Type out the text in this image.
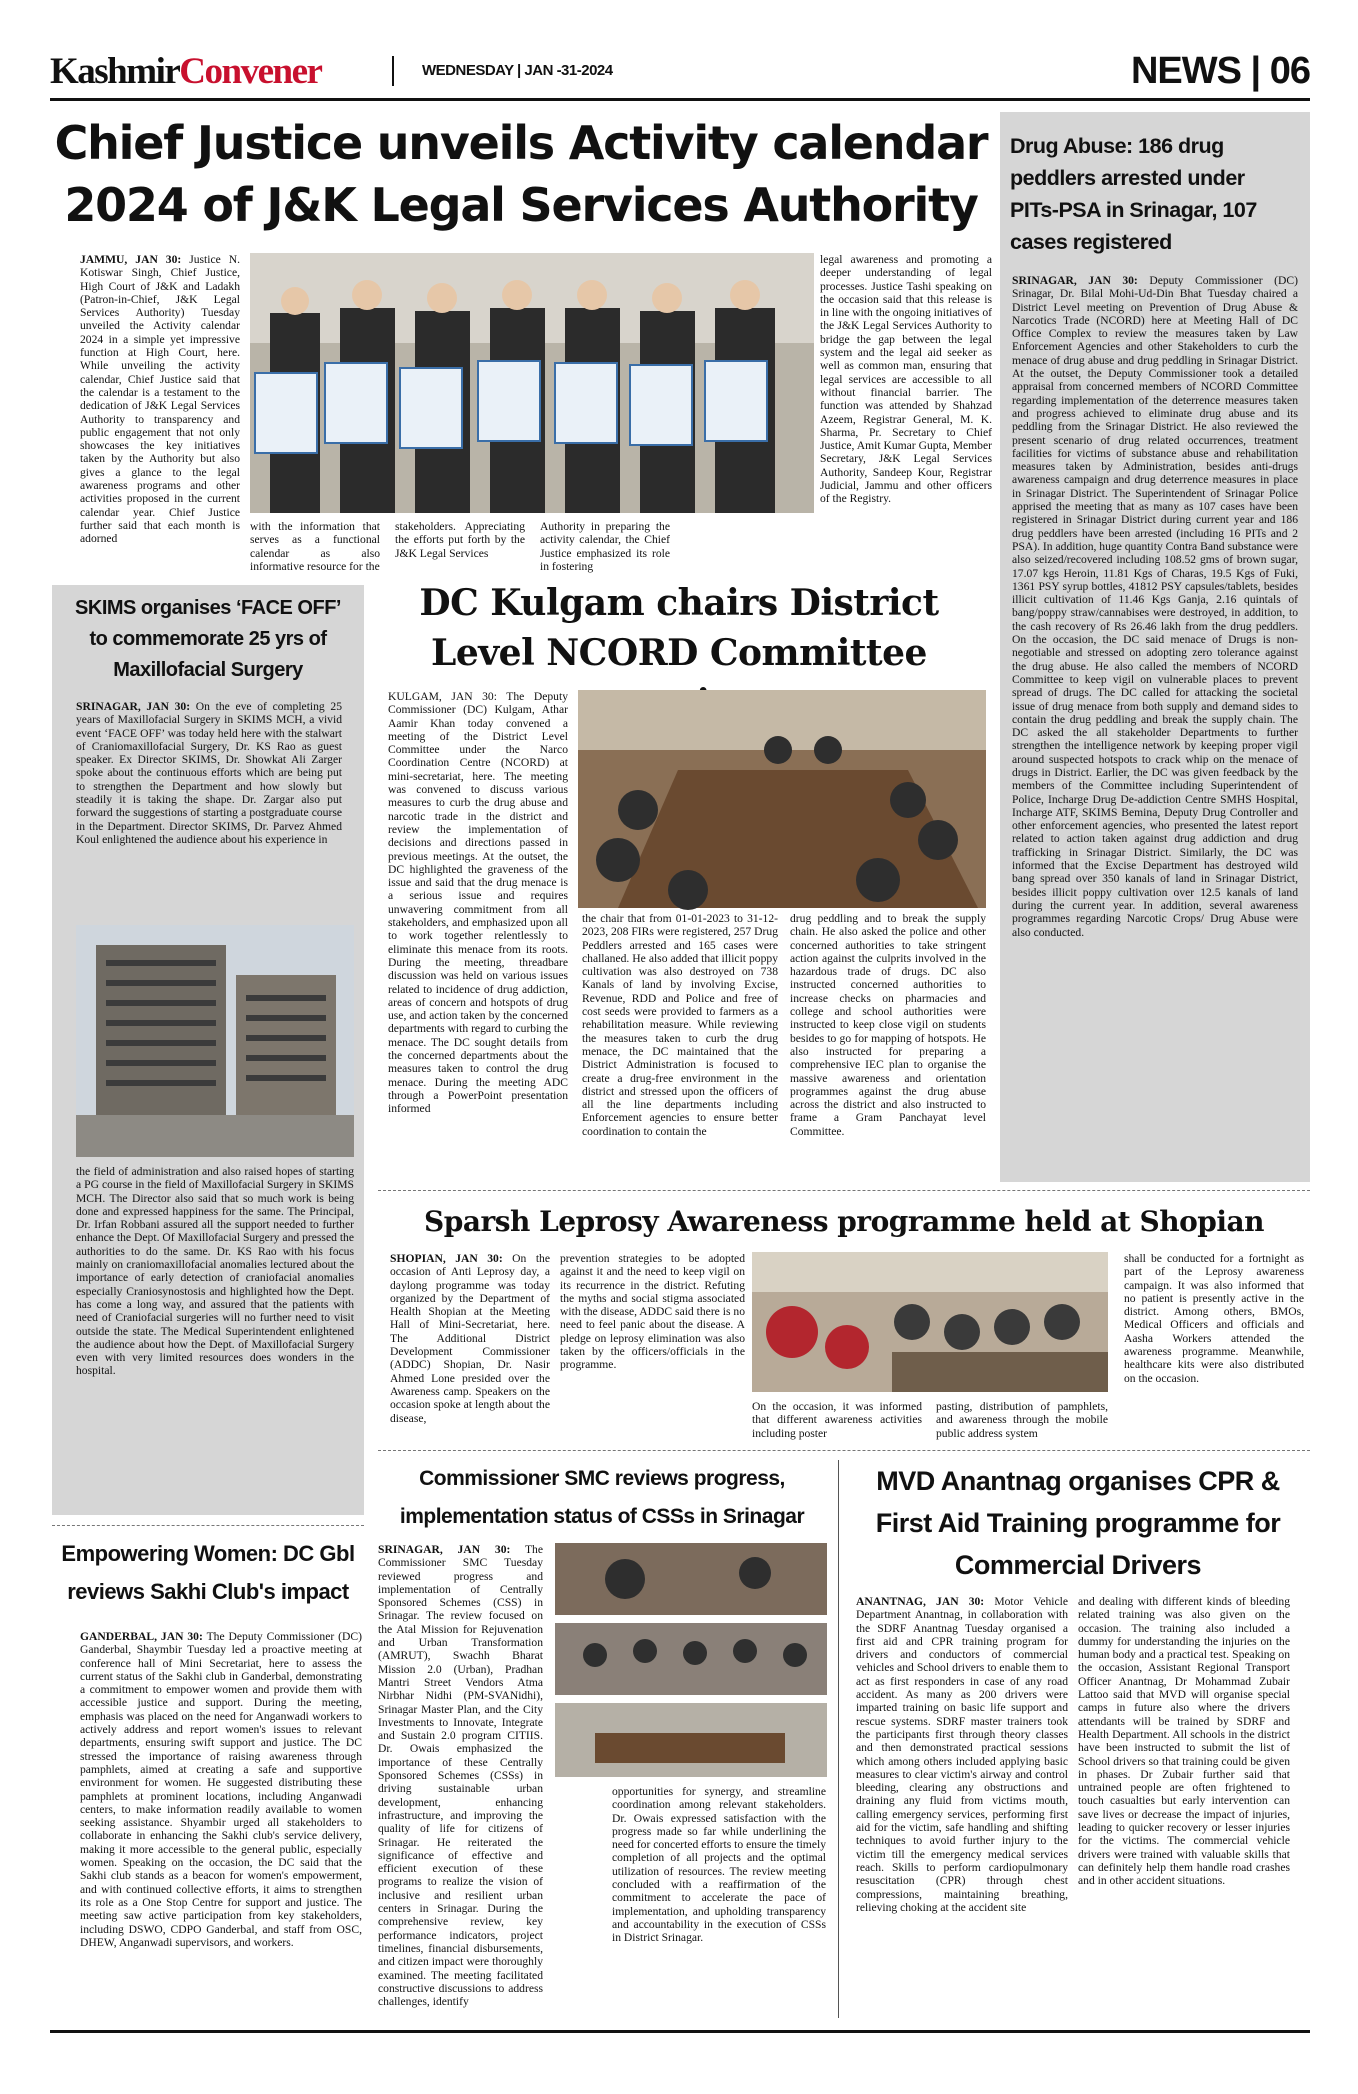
KashmirConvener	WEDNESDAY | JAN -31-2024	NEWS | 06
Chief Justice unveils Activity calendar 2024 of J&K Legal Services Authority
JAMMU, JAN 30: Justice N. Kotiswar Singh, Chief Justice, High Court of J&K and Ladakh (Patron-in-Chief, J&K Legal Services Authority) Tuesday unveiled the Activity calendar 2024 in a simple yet impressive function at High Court, here. While unveiling the activity calendar, Chief Justice said that the calendar is a testament to the dedication of J&K Legal Services Authority to transparency and public engagement that not only showcases the key initiatives taken by the Authority but also gives a glance to the legal awareness programs and other activities proposed in the current calendar year. Chief Justice further said that each month is adorned
with the information that serves as a functional calendar as also informative resource for the
stakeholders. Appreciating the efforts put forth by the J&K Legal Services
Authority in preparing the activity calendar, the Chief Justice emphasized its role in fostering
legal awareness and promoting a deeper understanding of legal processes. Justice Tashi speaking on the occasion said that this release is in line with the ongoing initiatives of the J&K Legal Services Authority to bridge the gap between the legal system and the legal aid seeker as well as common man, ensuring that legal services are accessible to all without financial barrier. The function was attended by Shahzad Azeem, Registrar General, M. K. Sharma, Pr. Secretary to Chief Justice, Amit Kumar Gupta, Member Secretary, J&K Legal Services Authority, Sandeep Kour, Registrar Judicial, Jammu and other officers of the Registry.
Drug Abuse: 186 drug peddlers arrested under PITs-PSA in Srinagar, 107 cases registered
SRINAGAR, JAN 30: Deputy Commissioner (DC) Srinagar, Dr. Bilal Mohi-Ud-Din Bhat Tuesday chaired a District Level meeting on Prevention of Drug Abuse & Narcotics Trade (NCORD) here at Meeting Hall of DC Office Complex to review the measures taken by Law Enforcement Agencies and other Stakeholders to curb the menace of drug abuse and drug peddling in Srinagar District. At the outset, the Deputy Commissioner took a detailed appraisal from concerned members of NCORD Committee regarding implementation of the deterrence measures taken and progress achieved to eliminate drug abuse and its peddling from the Srinagar District. He also reviewed the present scenario of drug related occurrences, treatment facilities for victims of substance abuse and rehabilitation measures taken by Administration, besides anti-drugs awareness campaign and drug deterrence measures in place in Srinagar District. The Superintendent of Srinagar Police apprised the meeting that as many as 107 cases have been registered in Srinagar District during current year and 186 drug peddlers have been arrested (including 16 PITs and 2 PSA). In addition, huge quantity Contra Band substance were also seized/recovered including 108.52 gms of brown sugar, 17.07 kgs Heroin, 11.81 Kgs of Charas, 19.5 Kgs of Fuki, 1361 PSY syrup bottles, 41812 PSY capsules/tablets, besides illicit cultivation of 11.46 Kgs Ganja, 2.16 quintals of bang/poppy straw/cannabises were destroyed, in addition, to the cash recovery of Rs 26.46 lakh from the drug peddlers. On the occasion, the DC said menace of Drugs is non-negotiable and stressed on adopting zero tolerance against the drug abuse. He also called the members of NCORD Committee to keep vigil on vulnerable places to prevent spread of drugs. The DC called for attacking the societal issue of drug menace from both supply and demand sides to contain the drug peddling and break the supply chain. The DC asked the all stakeholder Departments to further strengthen the intelligence network by keeping proper vigil around suspected hotspots to crack whip on the menace of drugs in District. Earlier, the DC was given feedback by the members of the Committee including Superintendent of Police, Incharge Drug De-addiction Centre SMHS Hospital, Incharge ATF, SKIMS Bemina, Deputy Drug Controller and other enforcement agencies, who presented the latest report related to action taken against drug addiction and drug trafficking in Srinagar District. Similarly, the DC was informed that the Excise Department has destroyed wild bang spread over 350 kanals of land in Srinagar District, besides illicit poppy cultivation over 12.5 kanals of land during the current year. In addition, several awareness programmes regarding Narcotic Crops/ Drug Abuse were also conducted.
SKIMS organises ‘FACE OFF’ to commemorate 25 yrs of Maxillofacial Surgery
SRINAGAR, JAN 30: On the eve of completing 25 years of Maxillofacial Surgery in SKIMS MCH, a vivid event ‘FACE OFF’ was today held here with the stalwart of Craniomaxillofacial Surgery, Dr. KS Rao as guest speaker. Ex Director SKIMS, Dr. Showkat Ali Zarger spoke about the continuous efforts which are being put to strengthen the Department and how slowly but steadily it is taking the shape. Dr. Zargar also put forward the suggestions of starting a postgraduate course in the Department. Director SKIMS, Dr. Parvez Ahmed Koul enlightened the audience about his experience in
the field of administration and also raised hopes of starting a PG course in the field of Maxillofacial Surgery in SKIMS MCH. The Director also said that so much work is being done and expressed happiness for the same. The Principal, Dr. Irfan Robbani assured all the support needed to further enhance the Dept. Of Maxillofacial Surgery and pressed the authorities to do the same. Dr. KS Rao with his focus mainly on craniomaxillofacial anomalies lectured about the importance of early detection of craniofacial anomalies especially Craniosynostosis and highlighted how the Dept. has come a long way, and assured that the patients with need of Craniofacial surgeries will no further need to visit outside the state. The Medical Superintendent enlightened the audience about how the Dept. of Maxillofacial Surgery even with very limited resources does wonders in the hospital.
DC Kulgam chairs District Level NCORD Committee
KULGAM, JAN 30: The Deputy Commissioner (DC) Kulgam, Athar Aamir Khan today convened a meeting of the District Level Committee under the Narco Coordination Centre (NCORD) at mini-secretariat, here. The meeting was convened to discuss various measures to curb the drug abuse and narcotic trade in the district and review the implementation of decisions and directions passed in previous meetings. At the outset, the DC highlighted the graveness of the issue and said that the drug menace is a serious issue and requires unwavering commitment from all stakeholders, and emphasized upon all to work together relentlessly to eliminate this menace from its roots. During the meeting, threadbare discussion was held on various issues related to incidence of drug addiction, areas of concern and hotspots of drug use, and action taken by the concerned departments with regard to curbing the menace. The DC sought details from the concerned departments about the measures taken to control the drug menace. During the meeting ADC through a PowerPoint presentation informed
the chair that from 01-01-2023 to 31-12-2023, 208 FIRs were registered, 257 Drug Peddlers arrested and 165 cases were challaned. He also added that illicit poppy cultivation was also destroyed on 738 Kanals of land by involving Excise, Revenue, RDD and Police and free of cost seeds were provided to farmers as a rehabilitation measure. While reviewing the measures taken to curb the drug menace, the DC maintained that the District Administration is focused to create a drug-free environment in the district and stressed upon the officers of all the line departments including Enforcement agencies to ensure better coordination to contain the
drug peddling and to break the supply chain. He also asked the police and other concerned authorities to take stringent action against the culprits involved in the hazardous trade of drugs. DC also instructed concerned authorities to increase checks on pharmacies and college and school authorities were instructed to keep close vigil on students besides to go for mapping of hotspots. He also instructed for preparing a comprehensive IEC plan to organise the massive awareness and orientation programmes against the drug abuse across the district and also instructed to frame a Gram Panchayat level Committee.
Sparsh Leprosy Awareness programme held at Shopian
SHOPIAN, JAN 30: On the occasion of Anti Leprosy day, a daylong programme was today organized by the Department of Health Shopian at the Meeting Hall of Mini-Secretariat, here. The Additional District Development Commissioner (ADDC) Shopian, Dr. Nasir Ahmed Lone presided over the Awareness camp. Speakers on the occasion spoke at length about the disease,
prevention strategies to be adopted against it and the need to keep vigil on its recurrence in the district. Refuting the myths and social stigma associated with the disease, ADDC said there is no need to feel panic about the disease. A pledge on leprosy elimination was also taken by the officers/officials in the programme.
On the occasion, it was informed that different awareness activities including poster
pasting, distribution of pamphlets, and awareness through the mobile public address system
shall be conducted for a fortnight as part of the Leprosy awareness campaign. It was also informed that no patient is presently active in the district. Among others, BMOs, Medical Officers and officials and Aasha Workers attended the awareness programme. Meanwhile, healthcare kits were also distributed on the occasion.
Empowering Women: DC Gbl reviews Sakhi Club's impact
GANDERBAL, JAN 30: The Deputy Commissioner (DC) Ganderbal, Shaymbir Tuesday led a proactive meeting at conference hall of Mini Secretariat, here to assess the current status of the Sakhi club in Ganderbal, demonstrating a commitment to empower women and provide them with accessible justice and support. During the meeting, emphasis was placed on the need for Anganwadi workers to actively address and report women's issues to relevant departments, ensuring swift support and justice. The DC stressed the importance of raising awareness through pamphlets, aimed at creating a safe and supportive environment for women. He suggested distributing these pamphlets at prominent locations, including Anganwadi centers, to make information readily available to women seeking assistance. Shyambir urged all stakeholders to collaborate in enhancing the Sakhi club's service delivery, making it more accessible to the general public, especially women. Speaking on the occasion, the DC said that the Sakhi club stands as a beacon for women's empowerment, and with continued collective efforts, it aims to strengthen its role as a One Stop Centre for support and justice. The meeting saw active participation from key stakeholders, including DSWO, CDPO Ganderbal, and staff from OSC, DHEW, Anganwadi supervisors, and workers.
Commissioner SMC reviews progress, implementation status of CSSs in Srinagar
SRINAGAR, JAN 30: The Commissioner SMC Tuesday reviewed progress and implementation of Centrally Sponsored Schemes (CSS) in Srinagar. The review focused on the Atal Mission for Rejuvenation and Urban Transformation (AMRUT), Swachh Bharat Mission 2.0 (Urban), Pradhan Mantri Street Vendors Atma Nirbhar Nidhi (PM-SVANidhi), Srinagar Master Plan, and the City Investments to Innovate, Integrate and Sustain 2.0 program CITIIS. Dr. Owais emphasized the importance of these Centrally Sponsored Schemes (CSSs) in driving sustainable urban development, enhancing infrastructure, and improving the quality of life for citizens of Srinagar. He reiterated the significance of effective and efficient execution of these programs to realize the vision of inclusive and resilient urban centers in Srinagar. During the comprehensive review, key performance indicators, project timelines, financial disbursements, and citizen impact were thoroughly examined. The meeting facilitated constructive discussions to address challenges, identify
opportunities for synergy, and streamline coordination among relevant stakeholders. Dr. Owais expressed satisfaction with the progress made so far while underlining the need for concerted efforts to ensure the timely completion of all projects and the optimal utilization of resources. The review meeting concluded with a reaffirmation of the commitment to accelerate the pace of implementation, and upholding transparency and accountability in the execution of CSSs in District Srinagar.
MVD Anantnag organises CPR & First Aid Training programme for Commercial Drivers
ANANTNAG, JAN 30: Motor Vehicle Department Anantnag, in collaboration with the SDRF Anantnag Tuesday organised a first aid and CPR training program for drivers and conductors of commercial vehicles and School drivers to enable them to act as first responders in case of any road accident. As many as 200 drivers were imparted training on basic life support and rescue systems. SDRF master trainers took the participants first through theory classes and then demonstrated practical sessions which among others included applying basic measures to clear victim's airway and control bleeding, clearing any obstructions and draining any fluid from victims mouth, calling emergency services, performing first aid for the victim, safe handling and shifting techniques to avoid further injury to the victim till the emergency medical services reach. Skills to perform cardiopulmonary resuscitation (CPR) through chest compressions, maintaining breathing, relieving choking at the accident site
and dealing with different kinds of bleeding related training was also given on the occasion. The training also included a dummy for understanding the injuries on the human body and a practical test. Speaking on the occasion, Assistant Regional Transport Officer Anantnag, Dr Mohammad Zubair Lattoo said that MVD will organise special camps in future also where the drivers attendants will be trained by SDRF and Health Department. All schools in the district have been instructed to submit the list of School drivers so that training could be given in phases. Dr Zubair further said that untrained people are often frightened to touch casualties but early intervention can save lives or decrease the impact of injuries, leading to quicker recovery or lesser injuries for the victims. The commercial vehicle drivers were trained with valuable skills that can definitely help them handle road crashes and in other accident situations.
